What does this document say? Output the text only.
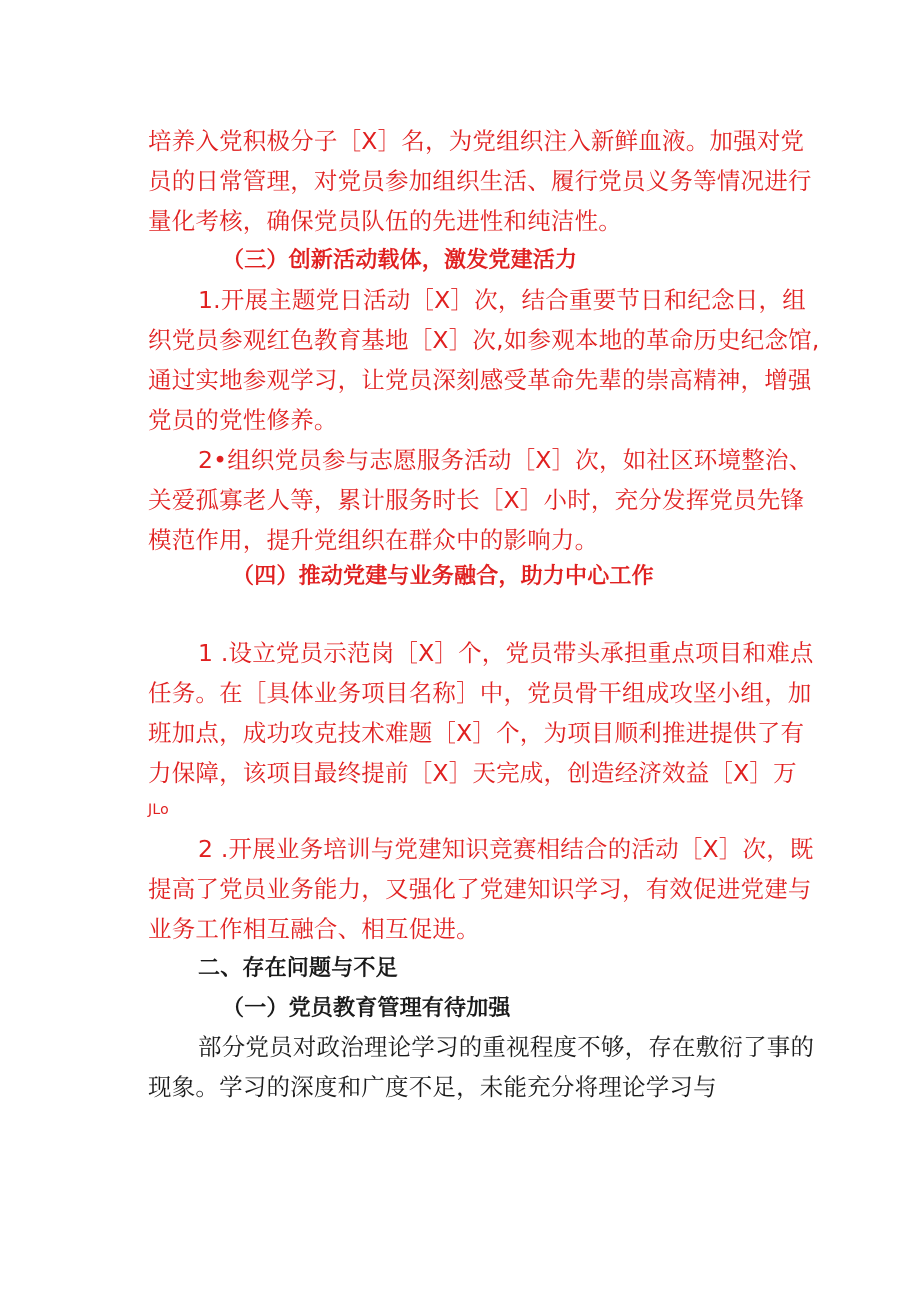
培养入党积极分子［X］名，为党组织注入新鲜血液。加强对党
员的日常管理，对党员参加组织生活、履行党员义务等情况进行
量化考核，确保党员队伍的先进性和纯洁性。
（三）创新活动载体，激发党建活力
1.开展主题党日活动［X］次，结合重要节日和纪念日，组
织党员参观红色教育基地［X］次,如参观本地的革命历史纪念馆,
通过实地参观学习，让党员深刻感受革命先辈的崇高精神，增强
党员的党性修养。
2•组织党员参与志愿服务活动［X］次，如社区环境整治、
关爱孤寡老人等，累计服务时长［X］小时，充分发挥党员先锋
模范作用，提升党组织在群众中的影响力。
（四）推动党建与业务融合，助力中心工作
1 .设立党员示范岗［X］个，党员带头承担重点项目和难点
任务。在［具体业务项目名称］中，党员骨干组成攻坚小组，加
班加点，成功攻克技术难题［X］个，为项目顺利推进提供了有
力保障，该项目最终提前［X］天完成，创造经济效益［X］万
JLo
2 .开展业务培训与党建知识竞赛相结合的活动［X］次，既
提高了党员业务能力，又强化了党建知识学习，有效促进党建与
业务工作相互融合、相互促进。
二、存在问题与不足
（一）党员教育管理有待加强
部分党员对政治理论学习的重视程度不够，存在敷衍了事的
现象。学习的深度和广度不足，未能充分将理论学习与
